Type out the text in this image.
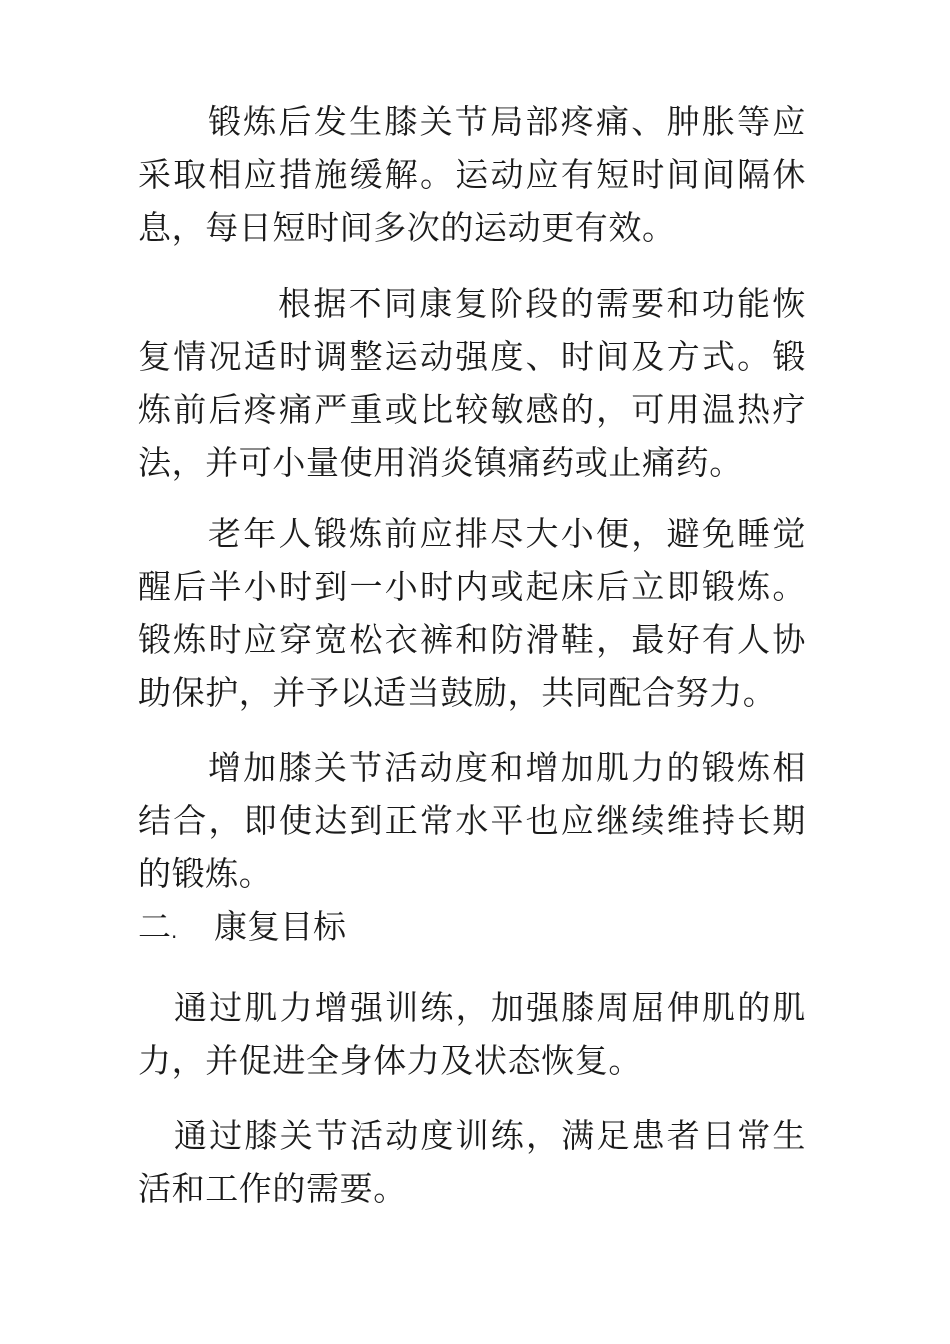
锻炼后发生膝关节局部疼痛、肿胀等应采取相应措施缓解。运动应有短时间间隔休息，每日短时间多次的运动更有效。

根据不同康复阶段的需要和功能恢复情况适时调整运动强度、时间及方式。锻炼前后疼痛严重或比较敏感的，可用温热疗法，并可小量使用消炎镇痛药或止痛药。

老年人锻炼前应排尽大小便，避免睡觉醒后半小时到一小时内或起床后立即锻炼。锻炼时应穿宽松衣裤和防滑鞋，最好有人协助保护，并予以适当鼓励，共同配合努力。

增加膝关节活动度和增加肌力的锻炼相结合，即使达到正常水平也应继续维持长期的锻炼。

二.	康复目标

通过肌力增强训练，加强膝周屈伸肌的肌力，并促进全身体力及状态恢复。

通过膝关节活动度训练，满足患者日常生活和工作的需要。
